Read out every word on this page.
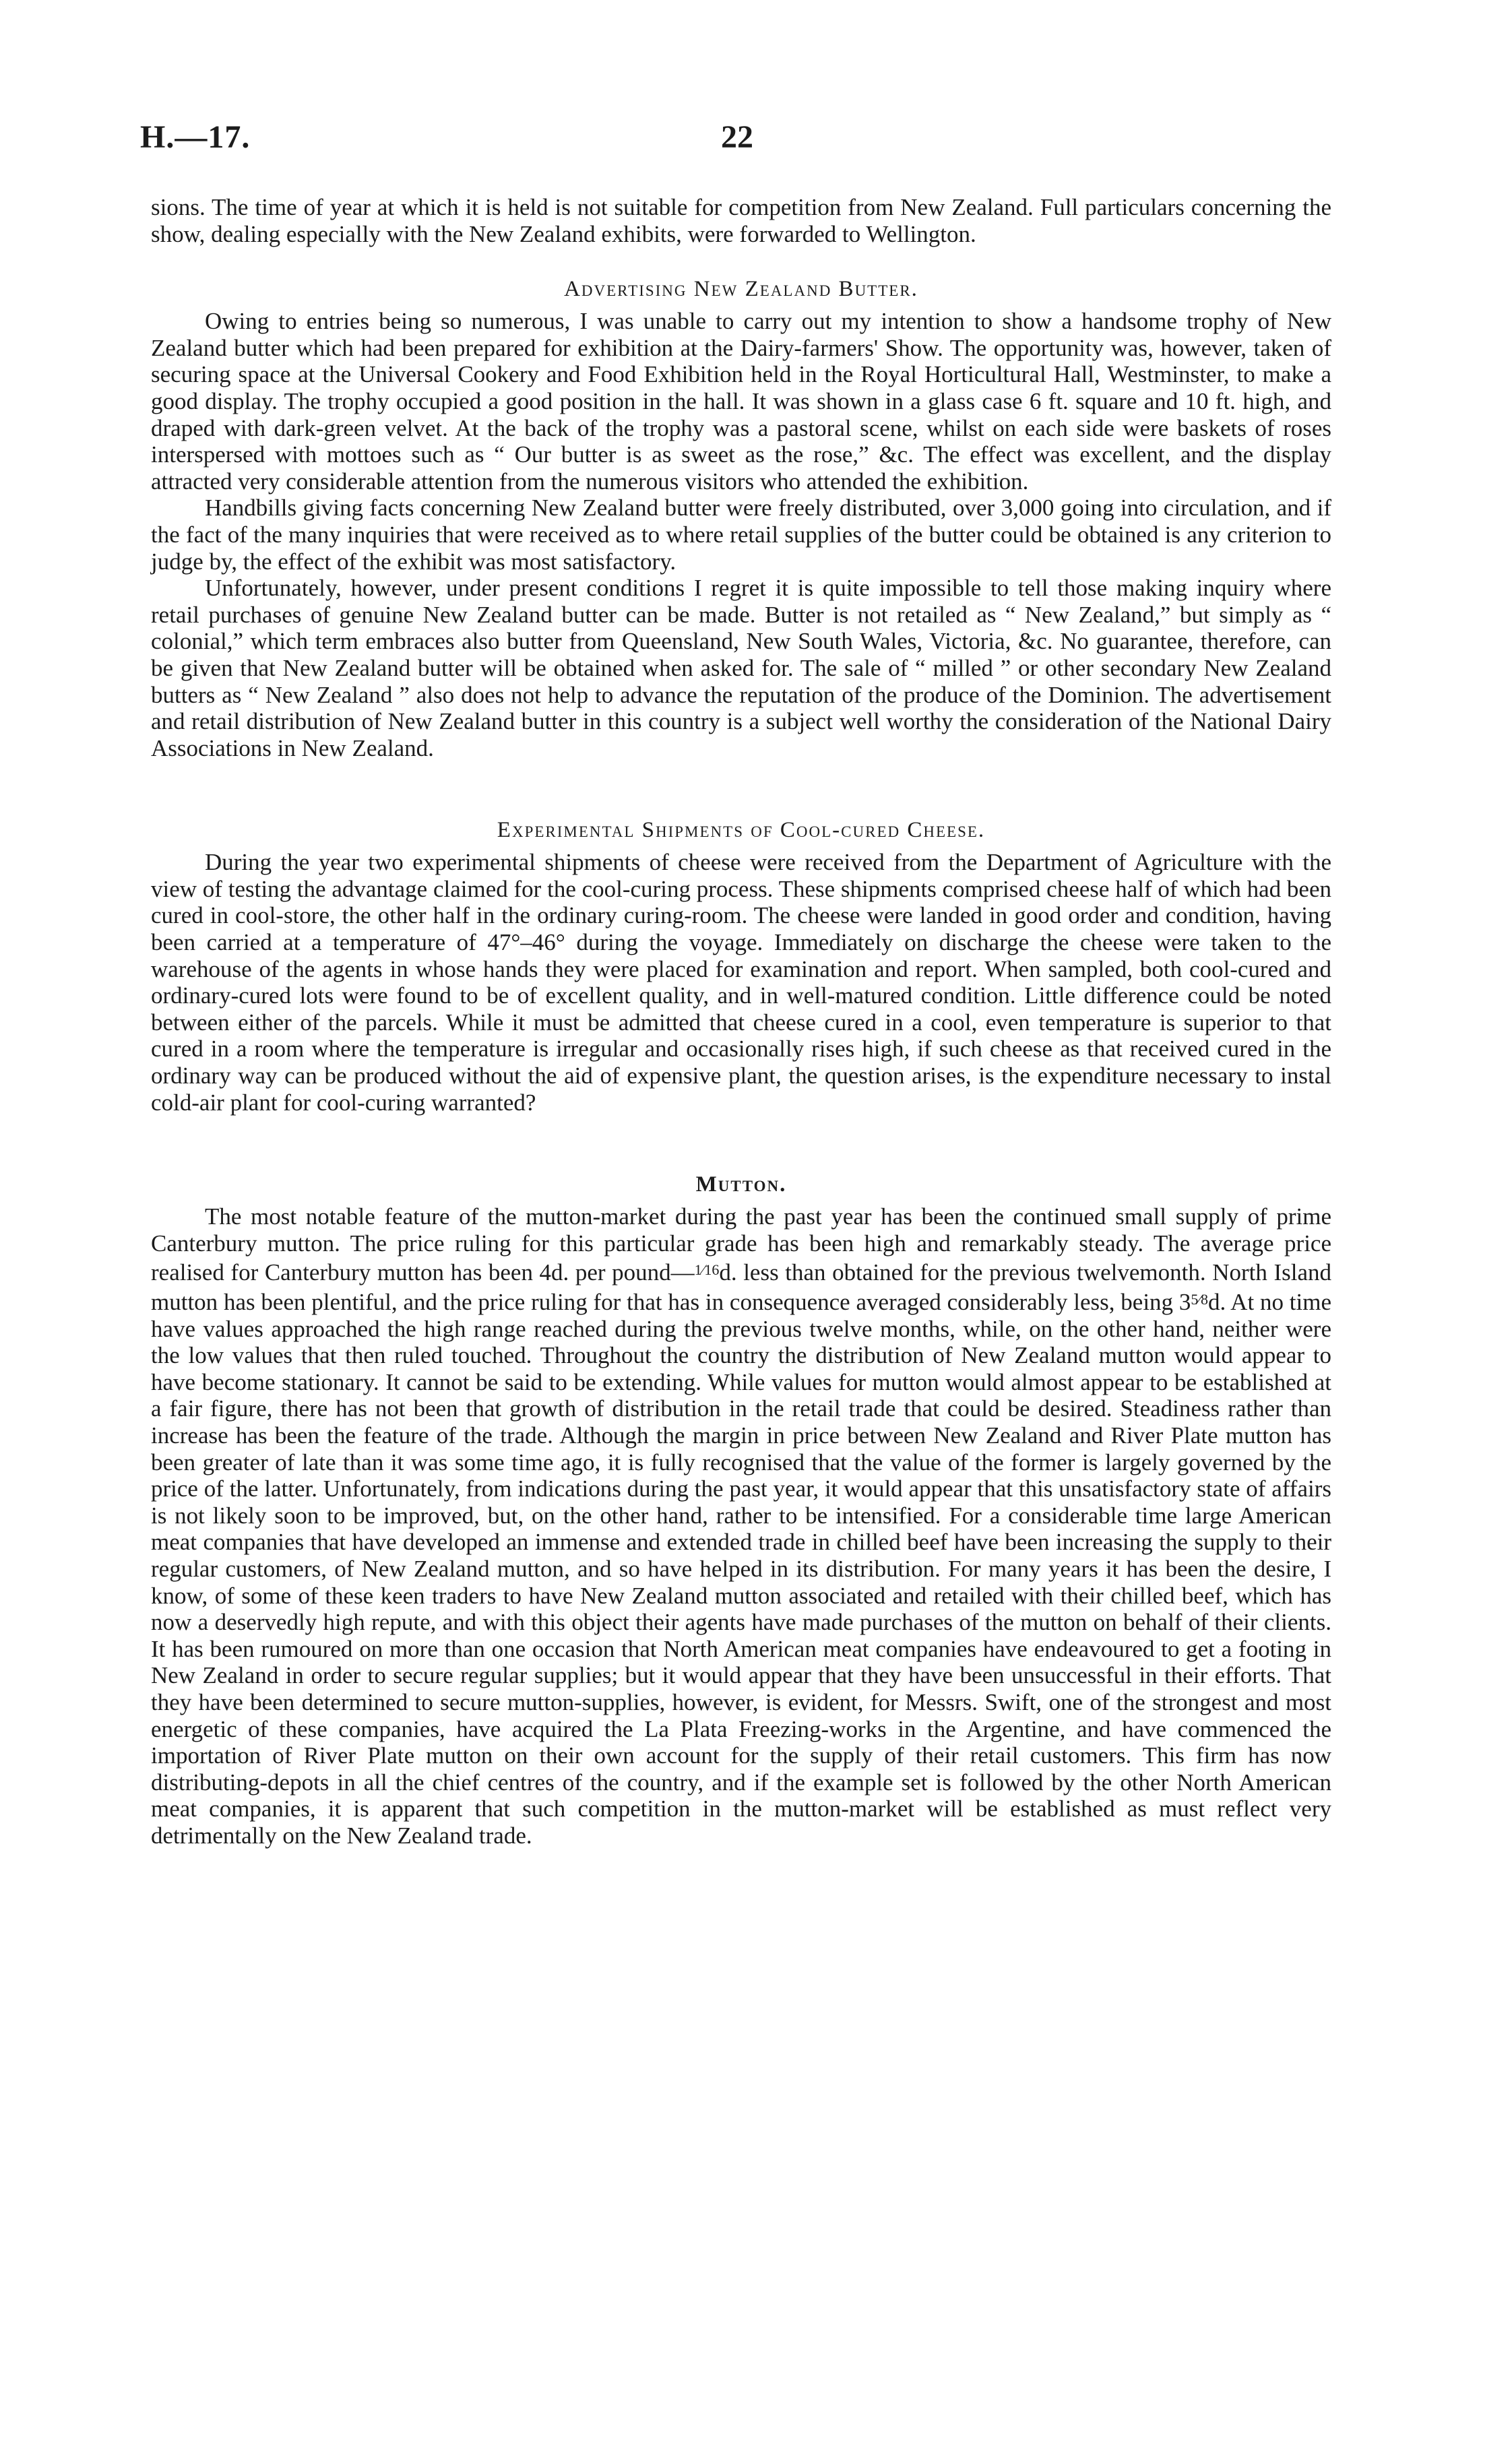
H.—17.	22

sions. The time of year at which it is held is not suitable for competition from New Zealand. Full particulars concerning the show, dealing especially with the New Zealand exhibits, were forwarded to Wellington.

Advertising New Zealand Butter.

Owing to entries being so numerous, I was unable to carry out my intention to show a handsome trophy of New Zealand butter which had been prepared for exhibition at the Dairy-farmers' Show. The opportunity was, however, taken of securing space at the Universal Cookery and Food Exhibition held in the Royal Horticultural Hall, Westminster, to make a good display. The trophy occupied a good position in the hall. It was shown in a glass case 6 ft. square and 10 ft. high, and draped with dark-green velvet. At the back of the trophy was a pastoral scene, whilst on each side were baskets of roses interspersed with mottoes such as “ Our butter is as sweet as the rose,” &c. The effect was excellent, and the display attracted very considerable attention from the numerous visitors who attended the exhibition.

Handbills giving facts concerning New Zealand butter were freely distributed, over 3,000 going into circulation, and if the fact of the many inquiries that were received as to where retail supplies of the butter could be obtained is any criterion to judge by, the effect of the exhibit was most satisfactory.

Unfortunately, however, under present conditions I regret it is quite impossible to tell those making inquiry where retail purchases of genuine New Zealand butter can be made. Butter is not retailed as “ New Zealand,” but simply as “ colonial,” which term embraces also butter from Queensland, New South Wales, Victoria, &c. No guarantee, therefore, can be given that New Zealand butter will be obtained when asked for. The sale of “ milled ” or other secondary New Zealand butters as “ New Zealand ” also does not help to advance the reputation of the produce of the Dominion. The advertisement and retail distribution of New Zealand butter in this country is a subject well worthy the consideration of the National Dairy Associations in New Zealand.

Experimental Shipments of Cool-cured Cheese.

During the year two experimental shipments of cheese were received from the Department of Agriculture with the view of testing the advantage claimed for the cool-curing process. These shipments comprised cheese half of which had been cured in cool-store, the other half in the ordinary curing-room. The cheese were landed in good order and condition, having been carried at a temperature of 47°–46° during the voyage. Immediately on discharge the cheese were taken to the warehouse of the agents in whose hands they were placed for examination and report. When sampled, both cool-cured and ordinary-cured lots were found to be of excellent quality, and in well-matured condition. Little difference could be noted between either of the parcels. While it must be admitted that cheese cured in a cool, even temperature is superior to that cured in a room where the temperature is irregular and occasionally rises high, if such cheese as that received cured in the ordinary way can be produced without the aid of expensive plant, the question arises, is the expenditure necessary to instal cold-air plant for cool-curing warranted?

Mutton.

The most notable feature of the mutton-market during the past year has been the continued small supply of prime Canterbury mutton. The price ruling for this particular grade has been high and remarkably steady. The average price realised for Canterbury mutton has been 4d. per pound—$^{1⁄16}$d. less than obtained for the previous twelvemonth. North Island mutton has been plentiful, and the price ruling for that has in consequence averaged considerably less, being $3^{5⁄8}d$. At no time have values approached the high range reached during the previous twelve months, while, on the other hand, neither were the low values that then ruled touched. Throughout the country the distribution of New Zealand mutton would appear to have become stationary. It cannot be said to be extending. While values for mutton would almost appear to be established at a fair figure, there has not been that growth of distribution in the retail trade that could be desired. Steadiness rather than increase has been the feature of the trade. Although the margin in price between New Zealand and River Plate mutton has been greater of late than it was some time ago, it is fully recognised that the value of the former is largely governed by the price of the latter. Unfortunately, from indications during the past year, it would appear that this unsatisfactory state of affairs is not likely soon to be improved, but, on the other hand, rather to be intensified. For a considerable time large American meat companies that have developed an immense and extended trade in chilled beef have been increasing the supply to their regular customers, of New Zealand mutton, and so have helped in its distribution. For many years it has been the desire, I know, of some of these keen traders to have New Zealand mutton associated and retailed with their chilled beef, which has now a deservedly high repute, and with this object their agents have made purchases of the mutton on behalf of their clients. It has been rumoured on more than one occasion that North American meat companies have endeavoured to get a footing in New Zealand in order to secure regular supplies; but it would appear that they have been unsuccessful in their efforts. That they have been determined to secure mutton-supplies, however, is evident, for Messrs. Swift, one of the strongest and most energetic of these companies, have acquired the La Plata Freezing-works in the Argentine, and have commenced the importation of River Plate mutton on their own account for the supply of their retail customers. This firm has now distributing-depots in all the chief centres of the country, and if the example set is followed by the other North American meat companies, it is apparent that such competition in the mutton-market will be established as must reflect very detrimentally on the New Zealand trade.
